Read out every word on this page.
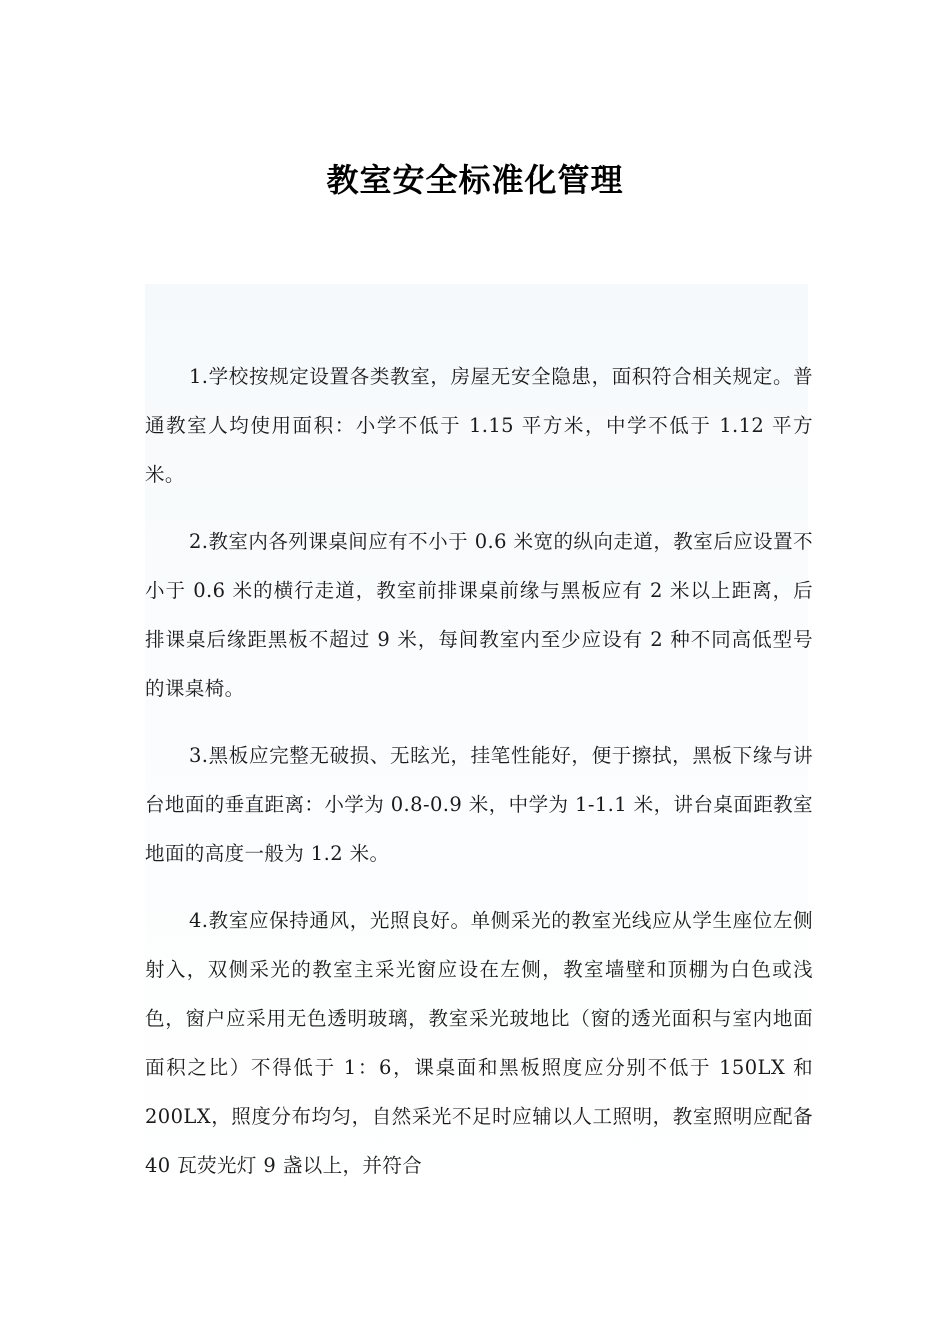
教室安全标准化管理

1.学校按规定设置各类教室，房屋无安全隐患，面积符合相关规定。普通教室人均使用面积：小学不低于 1.15 平方米，中学不低于 1.12 平方米。

2.教室内各列课桌间应有不小于 0.6 米宽的纵向走道，教室后应设置不小于 0.6 米的横行走道，教室前排课桌前缘与黑板应有 2 米以上距离，后排课桌后缘距黑板不超过 9 米，每间教室内至少应设有 2 种不同高低型号的课桌椅。

3.黑板应完整无破损、无眩光，挂笔性能好，便于擦拭，黑板下缘与讲台地面的垂直距离：小学为 0.8-0.9 米，中学为 1-1.1 米，讲台桌面距教室地面的高度一般为 1.2 米。

4.教室应保持通风，光照良好。单侧采光的教室光线应从学生座位左侧射入，双侧采光的教室主采光窗应设在左侧，教室墙壁和顶棚为白色或浅色，窗户应采用无色透明玻璃，教室采光玻地比（窗的透光面积与室内地面面积之比）不得低于 1：6，课桌面和黑板照度应分别不低于 150LX 和 200LX，照度分布均匀，自然采光不足时应辅以人工照明，教室照明应配备 40 瓦荧光灯 9 盏以上，并符合
